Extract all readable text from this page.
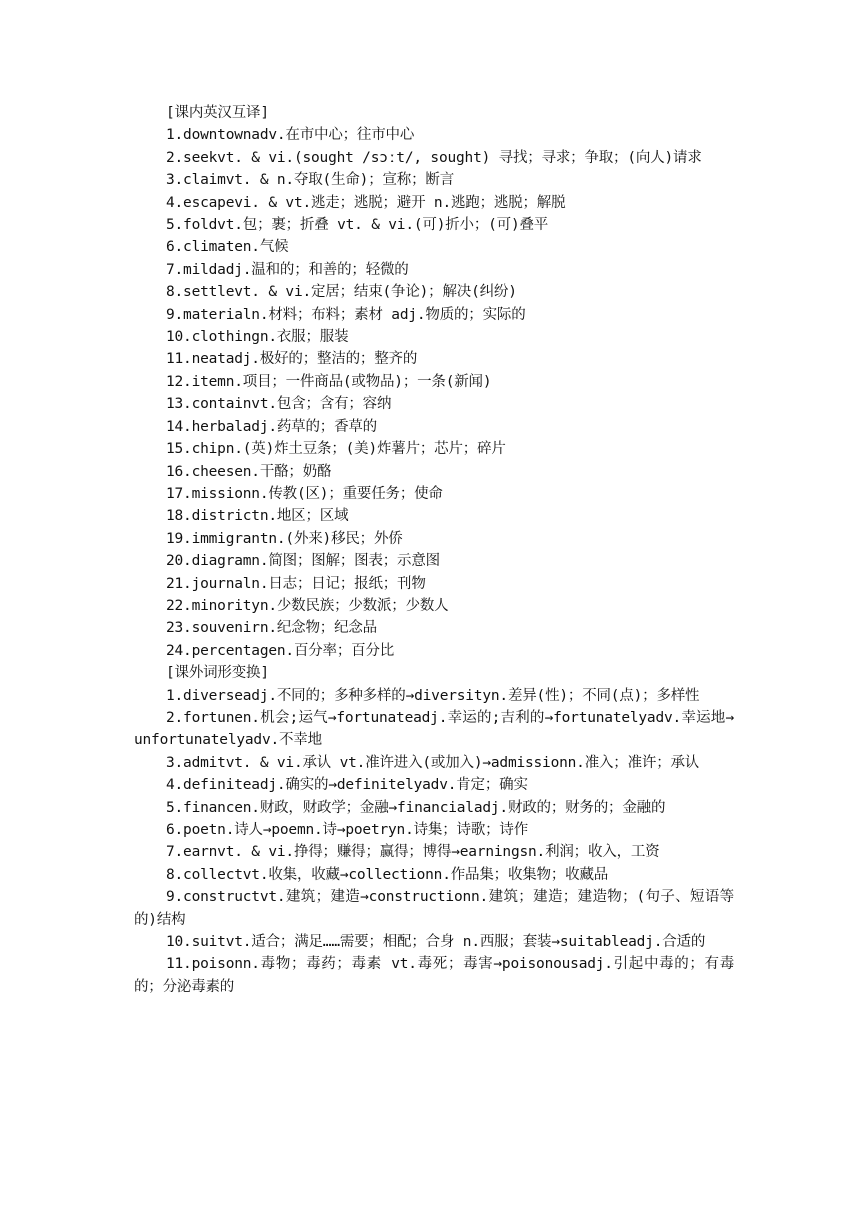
[课内英汉互译]

1.downtownadv.在市中心；往市中心

2.seekvt. & vi.(sought /sɔːt/, sought) 寻找；寻求；争取；(向人)请求

3.claimvt. & n.夺取(生命)；宣称；断言

4.escapevi. & vt.逃走；逃脱；避开 n.逃跑；逃脱；解脱

5.foldvt.包；裹；折叠 vt. & vi.(可)折小；(可)叠平

6.climaten.气候

7.mildadj.温和的；和善的；轻微的

8.settlevt. & vi.定居；结束(争论)；解决(纠纷)

9.materialn.材料；布料；素材 adj.物质的；实际的

10.clothingn.衣服；服装

11.neatadj.极好的；整洁的；整齐的

12.itemn.项目；一件商品(或物品)；一条(新闻)

13.containvt.包含；含有；容纳

14.herbaladj.药草的；香草的

15.chipn.(英)炸土豆条；(美)炸薯片；芯片；碎片

16.cheesen.干酪；奶酪

17.missionn.传教(区)；重要任务；使命

18.districtn.地区；区域

19.immigrantn.(外来)移民；外侨

20.diagramn.简图；图解；图表；示意图

21.journaln.日志；日记；报纸；刊物

22.minorityn.少数民族；少数派；少数人

23.souvenirn.纪念物；纪念品

24.percentagen.百分率；百分比

[课外词形变换]

1.diverseadj.不同的；多种多样的→diversityn.差异(性)；不同(点)；多样性

2.fortunen.机会;运气→fortunateadj.幸运的;吉利的→fortunatelyadv.幸运地→unfortunatelyadv.不幸地

3.admitvt. & vi.承认 vt.准许进入(或加入)→admissionn.准入；准许；承认

4.definiteadj.确实的→definitelyadv.肯定；确实

5.financen.财政，财政学；金融→financialadj.财政的；财务的；金融的

6.poetn.诗人→poemn.诗→poetryn.诗集；诗歌；诗作

7.earnvt. & vi.挣得；赚得；赢得；博得→earningsn.利润；收入，工资

8.collectvt.收集，收藏→collectionn.作品集；收集物；收藏品

9.constructvt.建筑；建造→constructionn.建筑；建造；建造物；(句子、短语等的)结构

10.suitvt.适合；满足……需要；相配；合身 n.西服；套装→suitableadj.合适的

11.poisonn.毒物；毒药；毒素 vt.毒死；毒害→poisonousadj.引起中毒的；有毒的；分泌毒素的
